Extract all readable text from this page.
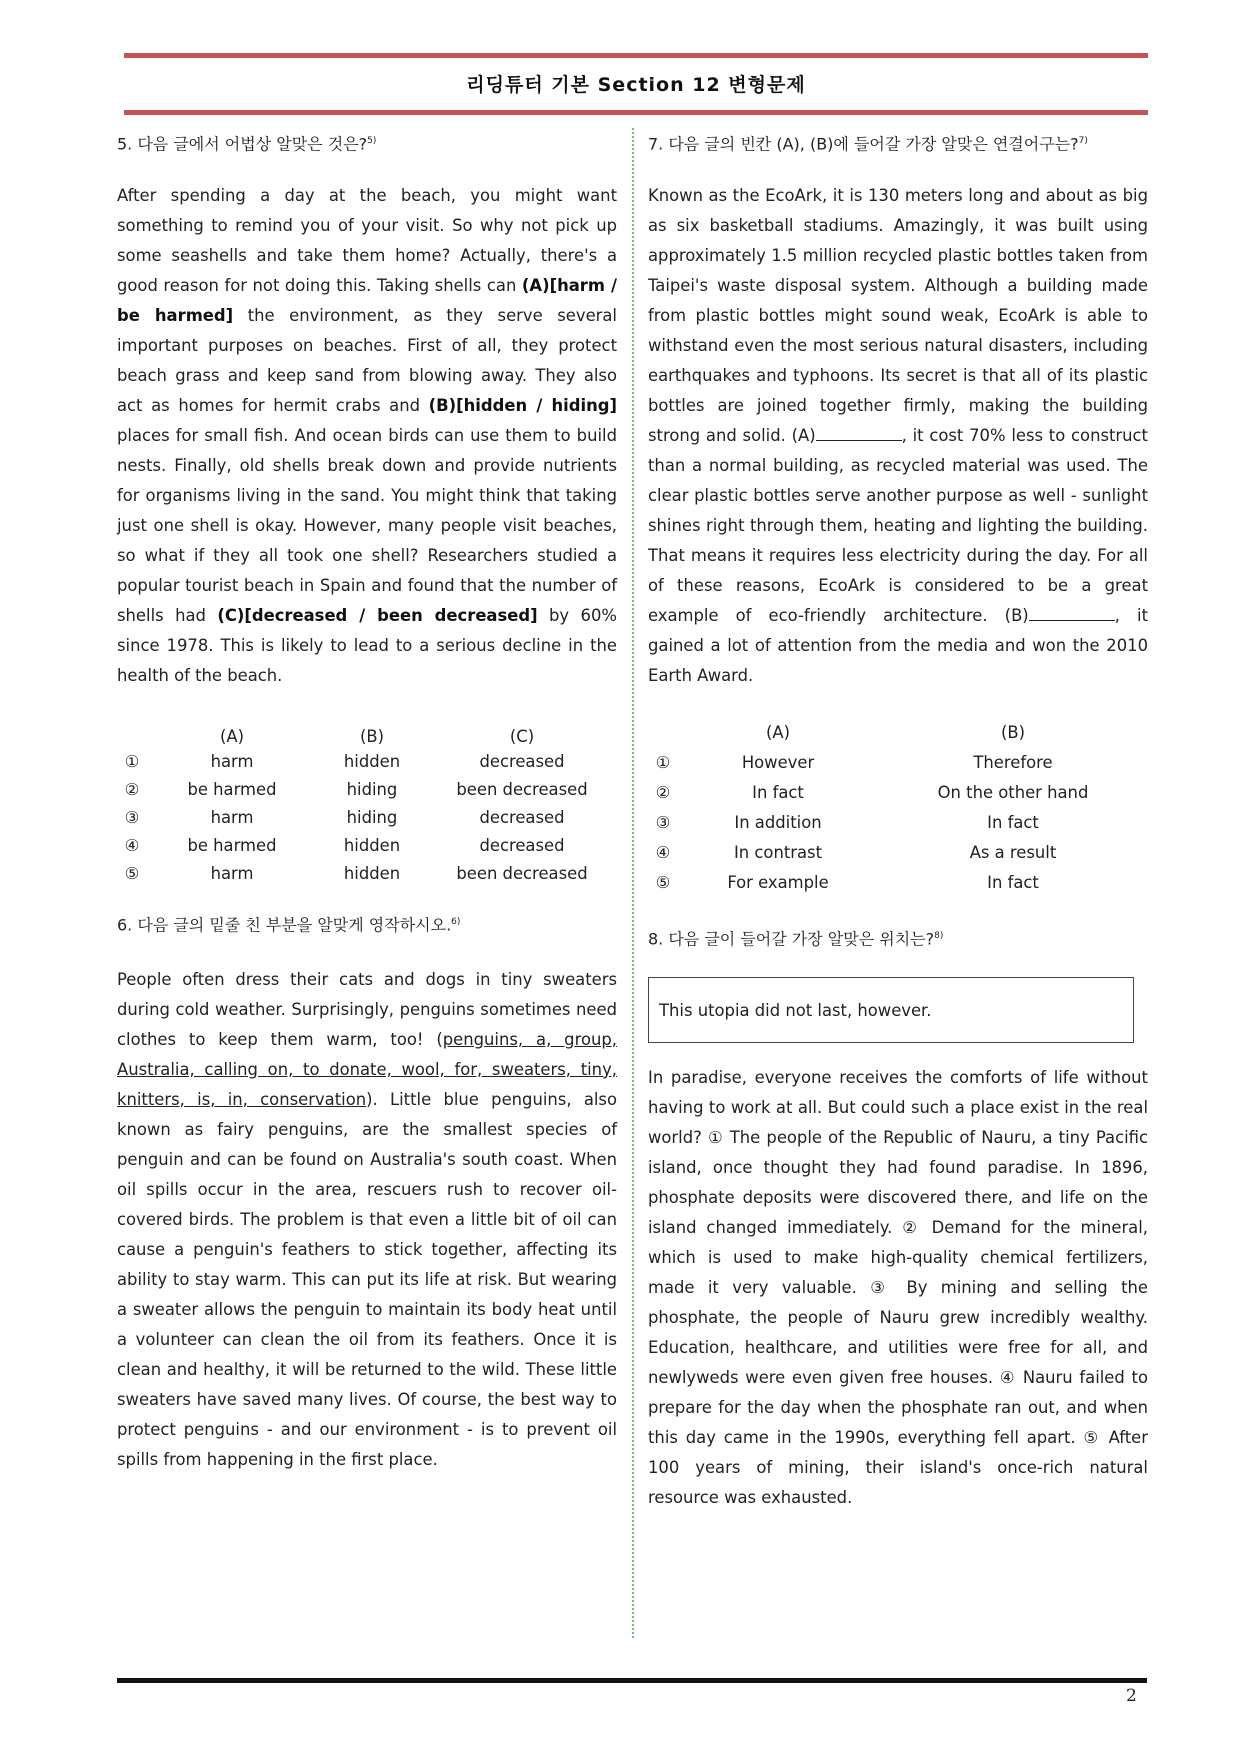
리딩튜터 기본 Section 12 변형문제

5. 다음 글에서 어법상 알맞은 것은?$^{5)}$

After spending a day at the beach, you might want something to remind you of your visit. So why not pick up some seashells and take them home? Actually, there's a good reason for not doing this. Taking shells can (A)[harm / be harmed] the environment, as they serve several important purposes on beaches. First of all, they protect beach grass and keep sand from blowing away. They also act as homes for hermit crabs and (B)[hidden / hiding] places for small fish. And ocean birds can use them to build nests. Finally, old shells break down and provide nutrients for organisms living in the sand. You might think that taking just one shell is okay. However, many people visit beaches, so what if they all took one shell? Researchers studied a popular tourist beach in Spain and found that the number of shells had (C)[decreased / been decreased] by 60% since 1978. This is likely to lead to a serious decline in the health of the beach.

	(A)	(B)	(C)
①	harm	hidden	decreased
②	be harmed	hiding	been decreased
③	harm	hiding	decreased
④	be harmed	hidden	decreased
⑤	harm	hidden	been decreased

6. 다음 글의 밑줄 친 부분을 알맞게 영작하시오.$^{6)}$

People often dress their cats and dogs in tiny sweaters during cold weather. Surprisingly, penguins sometimes need clothes to keep them warm, too! (penguins, a, group, Australia, calling on, to donate, wool, for, sweaters, tiny, knitters, is, in, conservation). Little blue penguins, also known as fairy penguins, are the smallest species of penguin and can be found on Australia's south coast. When oil spills occur in the area, rescuers rush to recover oil-covered birds. The problem is that even a little bit of oil can cause a penguin's feathers to stick together, affecting its ability to stay warm. This can put its life at risk. But wearing a sweater allows the penguin to maintain its body heat until a volunteer can clean the oil from its feathers. Once it is clean and healthy, it will be returned to the wild. These little sweaters have saved many lives. Of course, the best way to protect penguins - and our environment - is to prevent oil spills from happening in the first place.

7. 다음 글의 빈칸 (A), (B)에 들어갈 가장 알맞은 연결어구는?$^{7)}$

Known as the EcoArk, it is 130 meters long and about as big as six basketball stadiums. Amazingly, it was built using approximately 1.5 million recycled plastic bottles taken from Taipei's waste disposal system. Although a building made from plastic bottles might sound weak, EcoArk is able to withstand even the most serious natural disasters, including earthquakes and typhoons. Its secret is that all of its plastic bottles are joined together firmly, making the building strong and solid. (A)	, it cost 70% less to construct than a normal building, as recycled material was used. The clear plastic bottles serve another purpose as well - sunlight shines right through them, heating and lighting the building. That means it requires less electricity during the day. For all of these reasons, EcoArk is considered to be a great example of eco-friendly architecture. (B)	, it gained a lot of attention from the media and won the 2010 Earth Award.

	(A)	(B)
①	However	Therefore
②	In fact	On the other hand
③	In addition	In fact
④	In contrast	As a result
⑤	For example	In fact

8. 다음 글이 들어갈 가장 알맞은 위치는?$^{8)}$

This utopia did not last, however.

In paradise, everyone receives the comforts of life without having to work at all. But could such a place exist in the real world? ① The people of the Republic of Nauru, a tiny Pacific island, once thought they had found paradise. In 1896, phosphate deposits were discovered there, and life on the island changed immediately. ② Demand for the mineral, which is used to make high-quality chemical fertilizers, made it very valuable. ③ By mining and selling the phosphate, the people of Nauru grew incredibly wealthy. Education, healthcare, and utilities were free for all, and newlyweds were even given free houses. ④ Nauru failed to prepare for the day when the phosphate ran out, and when this day came in the 1990s, everything fell apart. ⑤ After 100 years of mining, their island's once-rich natural resource was exhausted.

2
